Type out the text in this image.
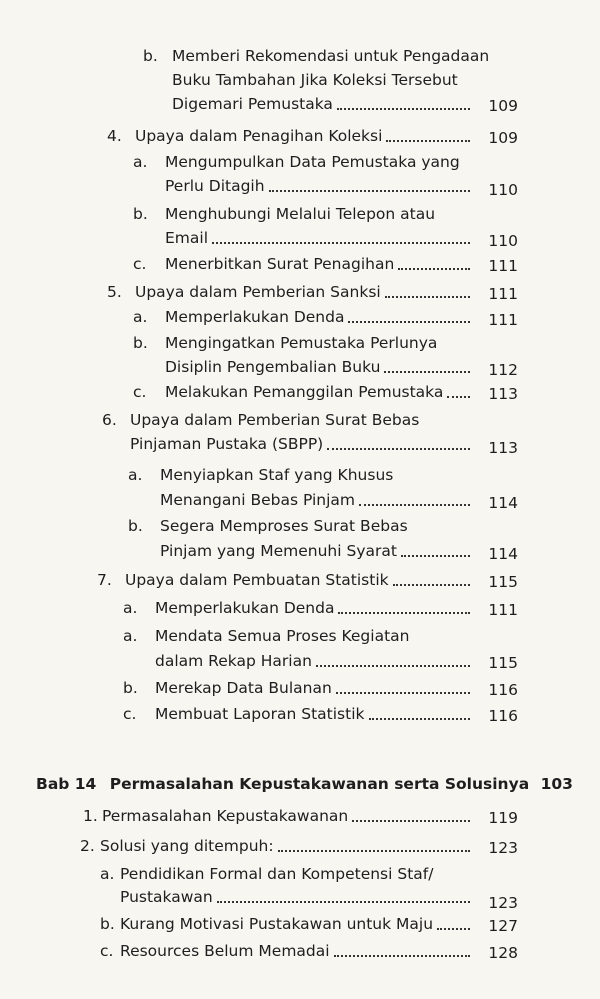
b. Memberi Rekomendasi untuk Pengadaan
Buku Tambahan Jika Koleksi Tersebut
Digemari Pemustaka	109
4. Upaya dalam Penagihan Koleksi	109
a. Mengumpulkan Data Pemustaka yang
Perlu Ditagih	110
b. Menghubungi Melalui Telepon atau
Email	110
c. Menerbitkan Surat Penagihan	111
5. Upaya dalam Pemberian Sanksi	111
a. Memperlakukan Denda	111
b. Mengingatkan Pemustaka Perlunya
Disiplin Pengembalian Buku	112
c. Melakukan Pemanggilan Pemustaka	113
6. Upaya dalam Pemberian Surat Bebas
Pinjaman Pustaka (SBPP)	113
a. Menyiapkan Staf yang Khusus
Menangani Bebas Pinjam	114
b. Segera Memproses Surat Bebas
Pinjam yang Memenuhi Syarat	114
7. Upaya dalam Pembuatan Statistik	115
a. Memperlakukan Denda	111
a. Mendata Semua Proses Kegiatan
dalam Rekap Harian	115
b. Merekap Data Bulanan	116
c. Membuat Laporan Statistik	116
Bab 14 Permasalahan Kepustakawanan serta Solusinya 103
1. Permasalahan Kepustakawanan	119
2. Solusi yang ditempuh:	123
a. Pendidikan Formal dan Kompetensi Staf/
Pustakawan	123
b. Kurang Motivasi Pustakawan untuk Maju	127
c. Resources Belum Memadai	128
